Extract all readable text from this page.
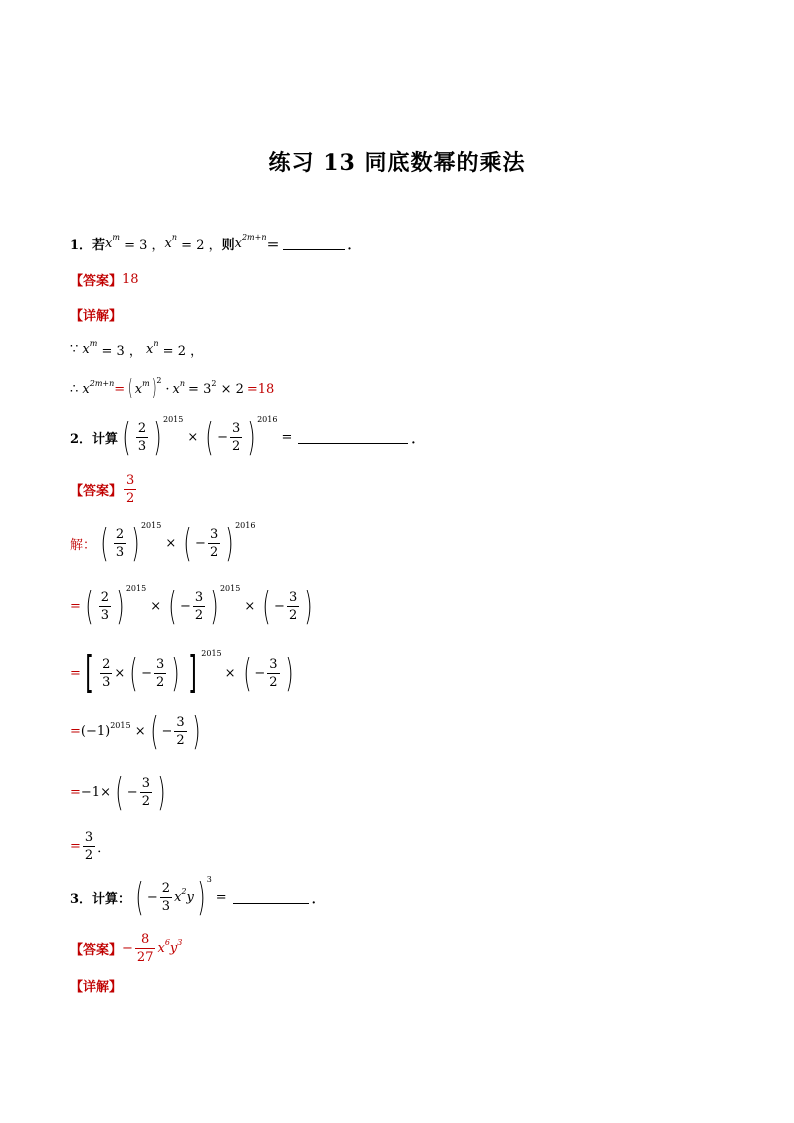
练习 13 同底数幂的乘法
1．若 $x^m$
= 3 ， $x^n$
= 2 ， 则 $x^{2m+n}$
＝	．
【答案】 18
【详解】
∵ $x^m$
= 3 ， $x^n$
= 2 ，
∴ $x^{2m+n}$ = ( $x^m$ ) 2
· $x^n = 3^2 \times 2 =18$
2．计算 ( $\frac{2}{3}$ ) 2015
× ( − $\frac{3}{2}$ ) 2016
=	．
【答案】 $\frac{3}{2}$
解： ( $\frac{2}{3}$ ) 2015
× ( − $\frac{3}{2}$ ) 2016
= ( $\frac{2}{3}$ ) 2015
× ( − $\frac{3}{2}$ ) 2015
× ( − $\frac{3}{2}$ )
= [ $\frac{2}{3}$ × ( − $\frac{3}{2}$ ) ] 2015
× ( − $\frac{3}{2}$ )
= $(-1)^{2015}$ × ( − $\frac{3}{2}$ )
= −1× ( − $\frac{3}{2}$ )
= $\frac{3}{2}$ ．
3．计算： ( − $\frac{2}{3} x^2y$ ) 3
=	．
【答案】 − $\frac{8}{27} x^6y^3$
【详解】
